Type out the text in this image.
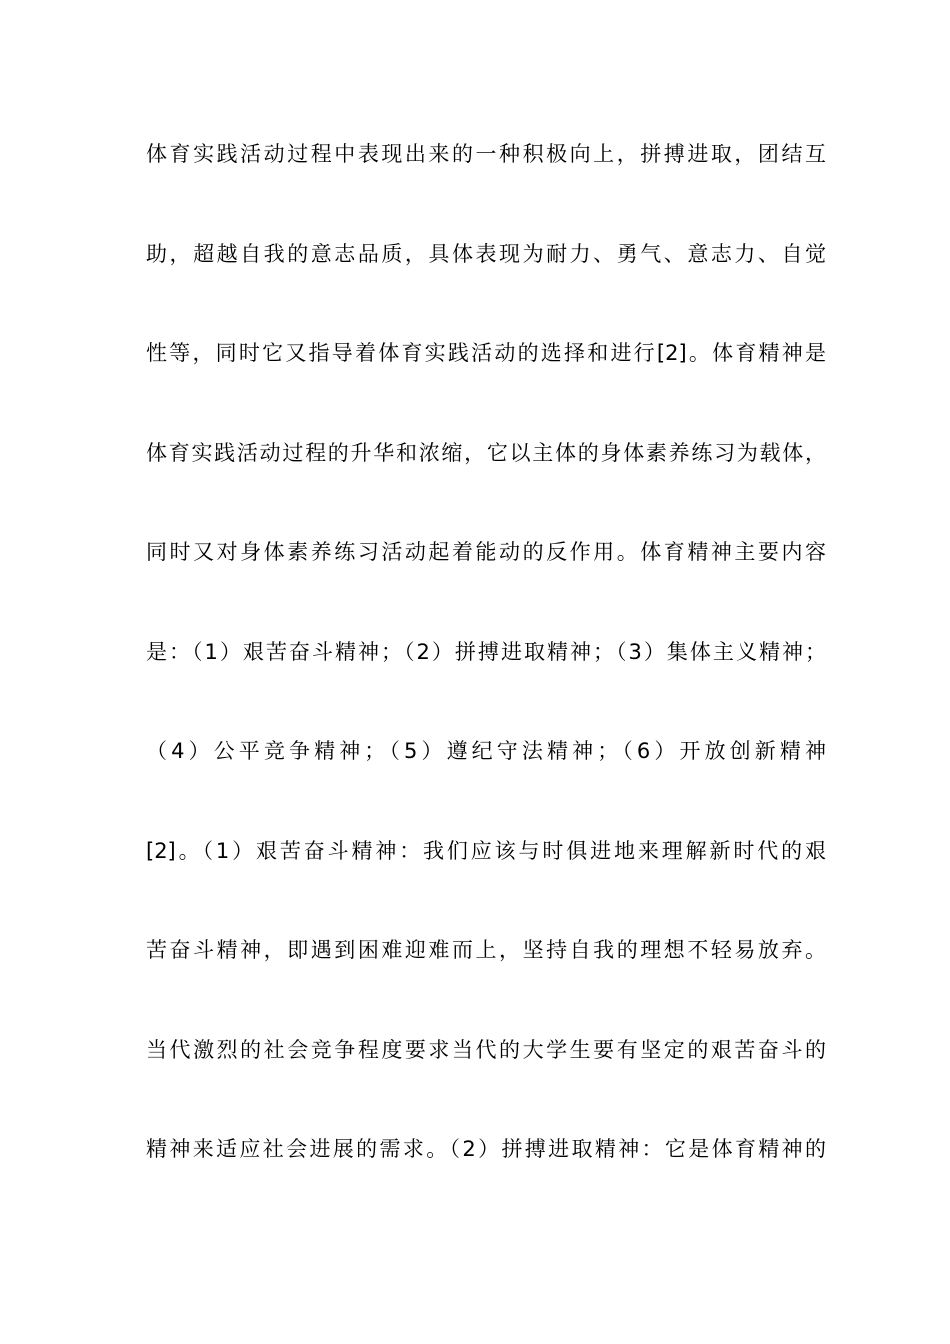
体育实践活动过程中表现出来的一种积极向上，拼搏进取，团结互
助，超越自我的意志品质，具体表现为耐力、勇气、意志力、自觉
性等，同时它又指导着体育实践活动的选择和进行[2]。体育精神是
体育实践活动过程的升华和浓缩，它以主体的身体素养练习为载体，
同时又对身体素养练习活动起着能动的反作用。体育精神主要内容
是：（1）艰苦奋斗精神；（2）拼搏进取精神；（3）集体主义精神；
（4）公平竞争精神；（5）遵纪守法精神；（6）开放创新精神
[2]。（1）艰苦奋斗精神：我们应该与时俱进地来理解新时代的艰
苦奋斗精神，即遇到困难迎难而上，坚持自我的理想不轻易放弃。
当代激烈的社会竞争程度要求当代的大学生要有坚定的艰苦奋斗的
精神来适应社会进展的需求。（2）拼搏进取精神：它是体育精神的
